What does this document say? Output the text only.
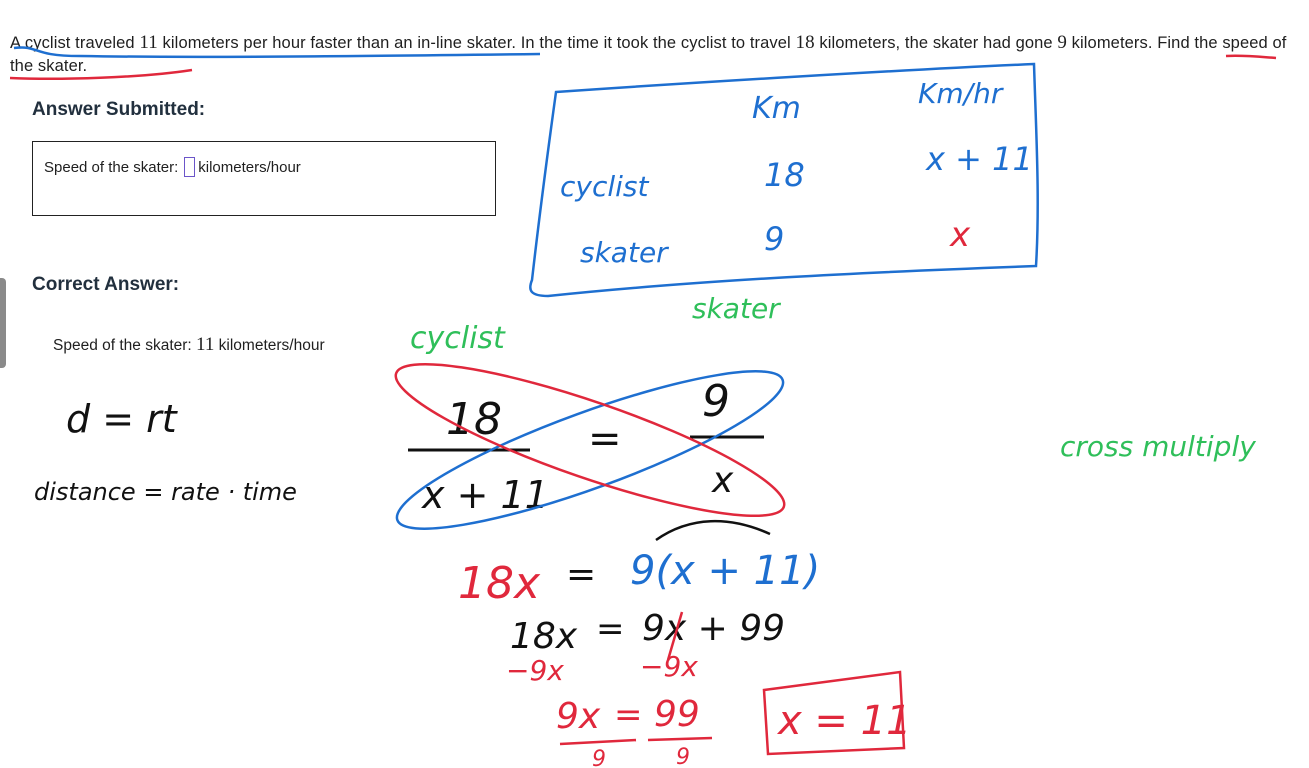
A cyclist traveled 11 kilometers per hour faster than an in-line skater. In the time it took the cyclist to travel 18 kilometers, the skater had gone 9 kilometers. Find the speed of the skater.
Answer Submitted:
Speed of the skater: kilometers/hour
Correct Answer:
Speed of the skater: 11 kilometers/hour
Km	Km/hr
cyclist	18	x + 11
skater	9	x
cyclist
skater
cross multiply
d = rt
distance = rate · time
18
x + 11
=
9
x
18x = 9(x + 11)
18x = 9x + 99
−9x	−9x
9x = 99
9	9
x = 11
